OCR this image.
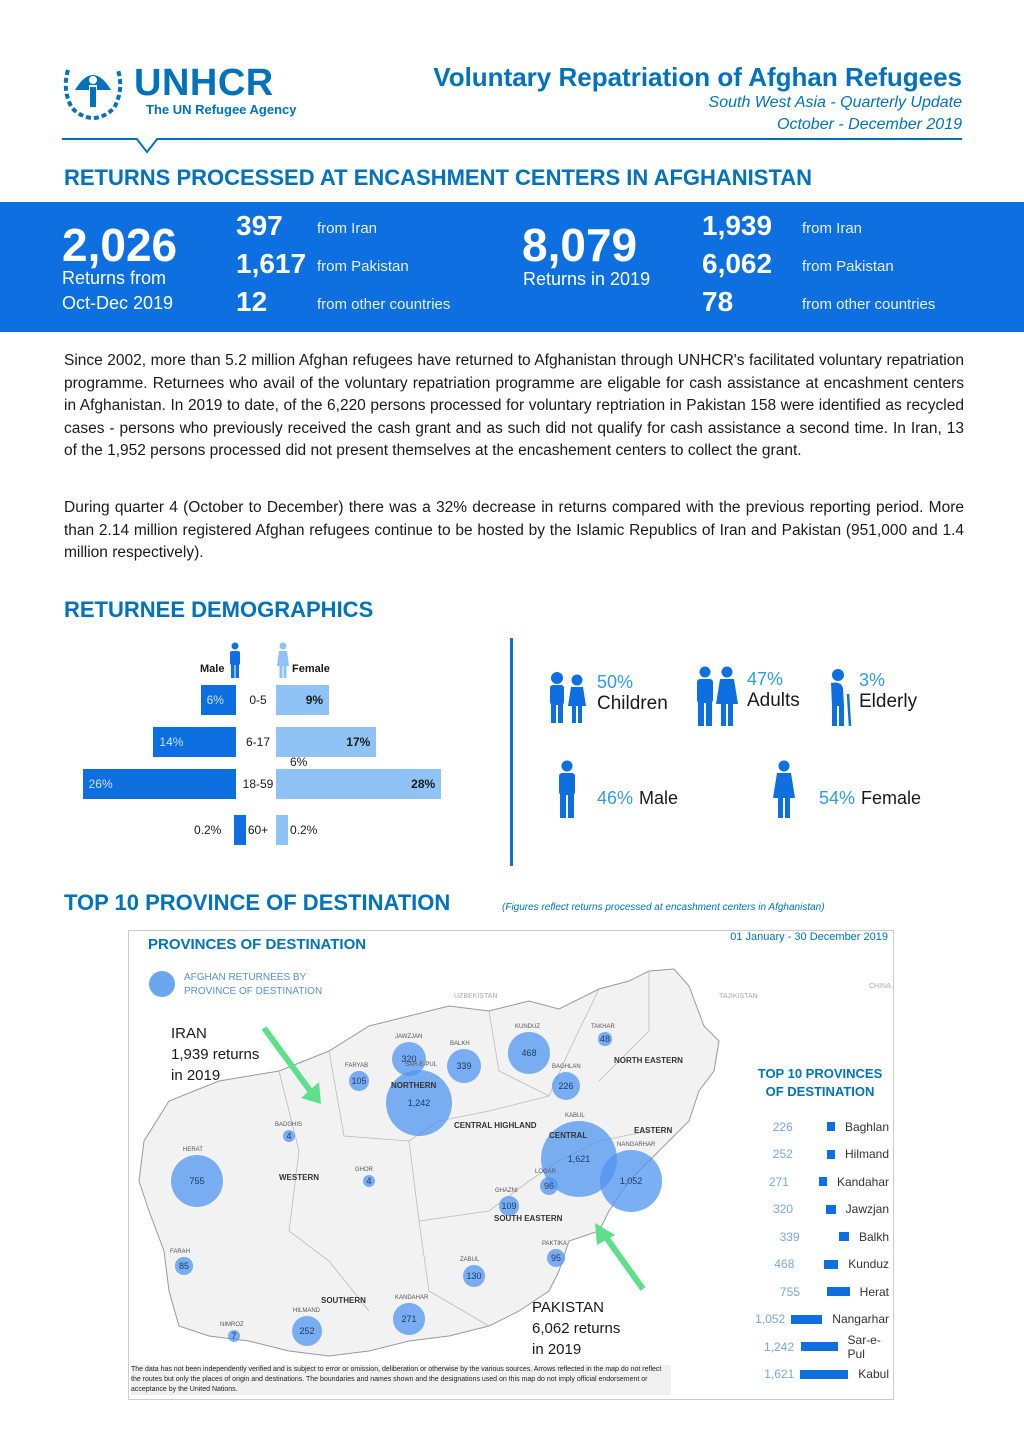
UNHCR
The UN Refugee Agency
Voluntary Repatriation of Afghan Refugees
South West Asia - Quarterly Update
October - December 2019
RETURNS PROCESSED AT ENCASHMENT CENTERS IN AFGHANISTAN
2,026
Returns from
Oct-Dec 2019
397 from Iran
1,617 from Pakistan
12	from other countries
8,079
Returns in 2019
1,939 from Iran
6,062 from Pakistan
78	from other countries

Since 2002, more than 5.2 million Afghan refugees have returned to Afghanistan through UNHCR's facilitated voluntary repatriation programme. Returnees who avail of the voluntary repatriation programme are eligable for cash assistance at encashment centers in Afghanistan. In 2019 to date, of the 6,220 persons processed for voluntary reptriation in Pakistan 158 were identified as recycled cases - persons who previously received the cash grant and as such did not qualify for cash assistance a second time. In Iran, 13 of the 1,952 persons processed did not present themselves at the encashement centers to collect the grant.

During quarter 4 (October to December) there was a 32% decrease in returns compared with the previous reporting period. More than 2.14 million registered Afghan refugees continue to be hosted by the Islamic Republics of Iran and Pakistan (951,000 and 1.4 million respectively).

RETURNEE DEMOGRAPHICS
Male	Female
6%	9%
0-5
14%	17%
6-17
26%	28%
18-59
0.2%	0.2%
60+
6%
50%
Children
47%
Adults
3%
Elderly
46% Male	54% Female
TOP 10 PROVINCE OF DESTINATION	(Figures reflect returns processed at encashment centers in Afghanistan)
PROVINCES OF DESTINATION	01 January - 30 December 2019
AFGHAN RETURNEES BY
PROVINCE OF DESTINATION	UZBEKISTAN	TAJIKISTAN
CHINA
755
HERAT
320
JAWZJAN
339
BALKH
468
KUNDUZ
226
BAGHLAN
1,242
SAR-E-PUL
1,621
KABUL
1,052
NANGARHAR
271
KANDAHAR
252
HILMAND
105
FARYAB
130
ZABUL
109
GHAZNI
96
LOGAR
4
BADGHIS
4
GHOR
95
PAKTIKA
7
NIMROZ
85
FARAH
48
TAKHAR
NORTHERN
NORTH EASTERN
CENTRAL HIGHLAND
CENTRAL
EASTERN
WESTERN
SOUTH EASTERN
SOUTHERN
IRAN
1,939 returns
in 2019
PAKISTAN
6,062 returns
in 2019
TOP 10 PROVINCES
OF DESTINATION
226	Baghlan
252	Hilmand
271	Kandahar
320	Jawzjan
339	Balkh
468	Kunduz
755	Herat
1,052	Nangarhar
1,242	Sar-e-Pul
1,621	Kabul
The data has not been independently verified and is subject to error or omission, deliberation or otherwise by the various sources. Arrows reflected in the map do not reflect the routes but only the places of origin and destinations. The boundaries and names shown and the designations used on this map do not imply official endorsement or acceptance by the United Nations.
